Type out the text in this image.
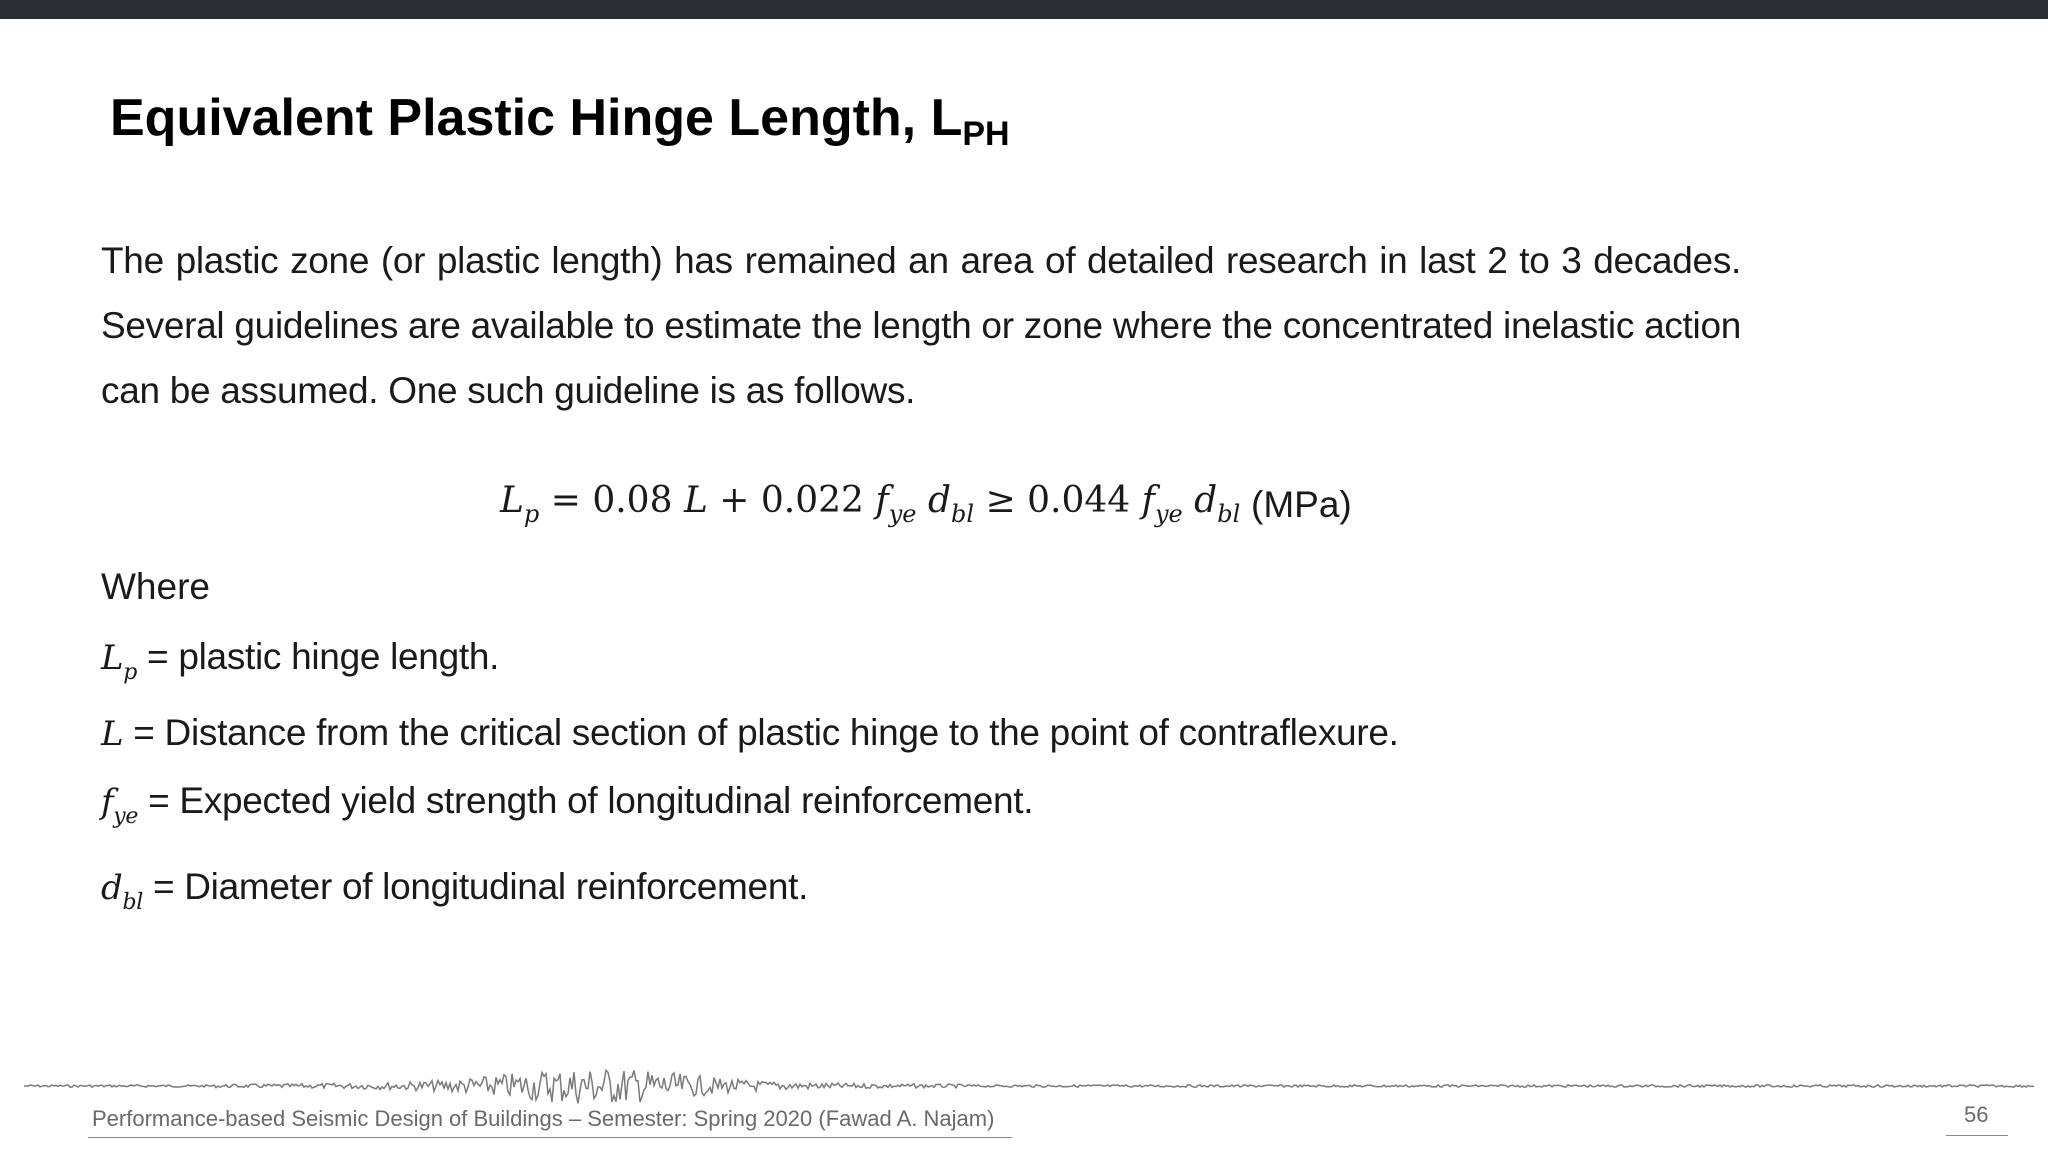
Equivalent Plastic Hinge Length, $L_{PH}$

The plastic zone (or plastic length) has remained an area of detailed research in last 2 to 3 decades. Several guidelines are available to estimate the length or zone where the concentrated inelastic action can be assumed. One such guideline is as follows.

$L_p = 0.08$ L + 0.022 $f_{ye}$ $d_{bl} \ge 0.044$ $f_{ye}$ $d_{bl}$ (MPa)
Where
$L_p$ = plastic hinge length.
L = Distance from the critical section of plastic hinge to the point of contraflexure.
$f_{ye}$ = Expected yield strength of longitudinal reinforcement.
$d_{bl}$ = Diameter of longitudinal reinforcement.
Performance-based Seismic Design of Buildings – Semester: Spring 2020 (Fawad A. Najam)	56
